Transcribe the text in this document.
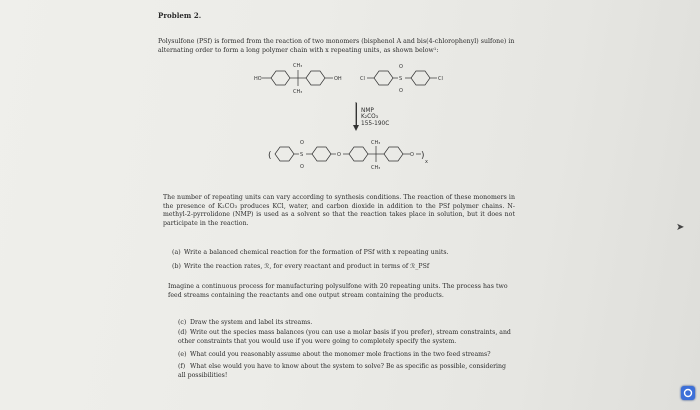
Problem 2.
Polysulfone (PSf) is formed from the reaction of two monomers (bisphenol A and bis(4-chlorophenyl) sulfone) in alternating order to form a long polymer chain with x repeating units, as shown below¹:
HO
CH₃
CH₃
OH	Cl
O
S
O
Cl
(
O
S
O
O
CH₃
CH₃
O )
x
NMP
K₂CO₃
155-190C
The number of repeating units can vary according to synthesis conditions. The reaction of these monomers in the presence of K₂CO₃ produces KCl, water, and carbon dioxide in addition to the PSf polymer chains. N-methyl-2-pyrrolidone (NMP) is used as a solvent so that the reaction takes place in solution, but it does not participate in the reaction.
(a) Write a balanced chemical reaction for the formation of PSf with x repeating units.
(b) Write the reaction rates, ℛ, for every reactant and product in terms of ℛ_PSf
Imagine a continuous process for manufacturing polysulfone with 20 repeating units. The process has two feed streams containing the reactants and one output stream containing the products.
(c) Draw the system and label its streams.
(d) Write out the species mass balances (you can use a molar basis if you prefer), stream constraints, and other constraints that you would use if you were going to completely specify the system.
(e) What could you reasonably assume about the monomer mole fractions in the two feed streams?
(f) What else would you have to know about the system to solve? Be as specific as possible, considering all possibilities!
➤
